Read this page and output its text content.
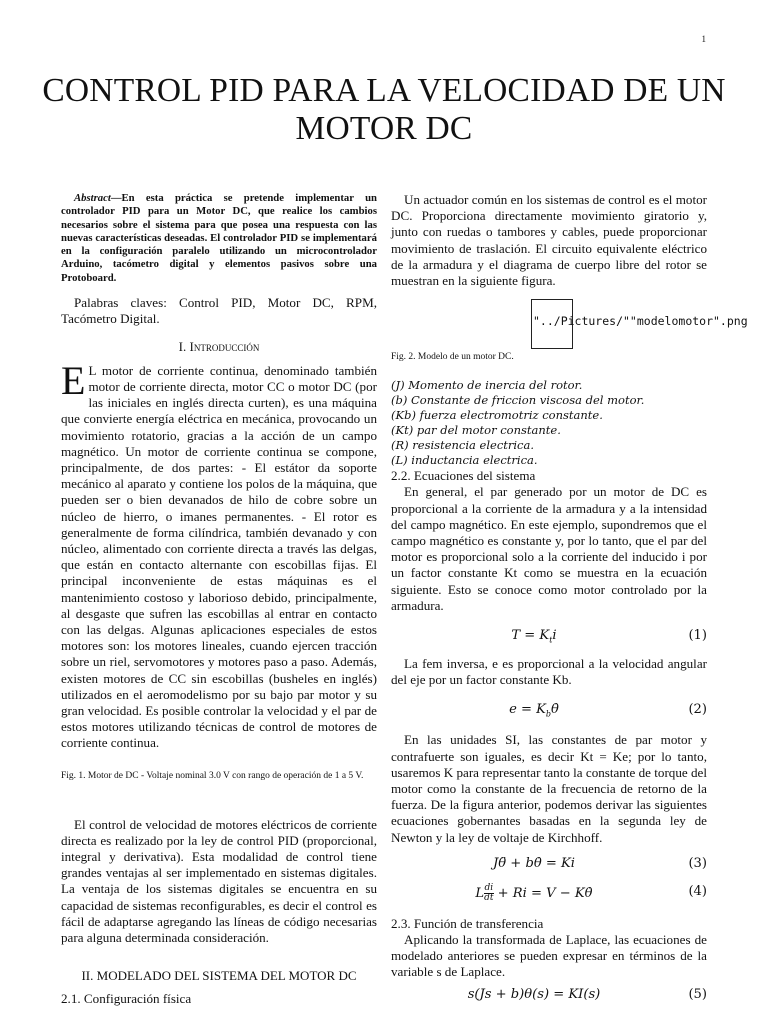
1
CONTROL PID PARA LA VELOCIDAD DE UN MOTOR DC

Abstract—En esta práctica se pretende implementar un controlador PID para un Motor DC, que realice los cambios necesarios sobre el sistema para que posea una respuesta con las nuevas características deseadas. El controlador PID se implementará en la configuración paralelo utilizando un microcontrolador Arduino, tacómetro digital y elementos pasivos sobre una Protoboard.

Palabras claves: Control PID, Motor DC, RPM, Tacómetro Digital.

I. Introducción

E L motor de corriente continua, denominado también motor de corriente directa, motor CC o motor DC (por las iniciales en inglés directa curten), es una máquina que convierte energía eléctrica en mecánica, provocando un movimiento rotatorio, gracias a la acción de un campo magnético. Un motor de corriente continua se compone, principalmente, de dos partes: - El estátor da soporte mecánico al aparato y contiene los polos de la máquina, que pueden ser o bien devanados de hilo de cobre sobre un núcleo de hierro, o imanes permanentes. - El rotor es generalmente de forma cilíndrica, también devanado y con núcleo, alimentado con corriente directa a través las delgas, que están en contacto alternante con escobillas fijas. El principal inconveniente de estas máquinas es el mantenimiento costoso y laborioso debido, principalmente, al desgaste que sufren las escobillas al entrar en contacto con las delgas. Algunas aplicaciones especiales de estos motores son: los motores lineales, cuando ejercen tracción sobre un riel, servomotores y motores paso a paso. Además, existen motores de CC sin escobillas (busheles en inglés) utilizados en el aeromodelismo por su bajo par motor y su gran velocidad. Es posible controlar la velocidad y el par de estos motores utilizando técnicas de control de motores de corriente continua.

Fig. 1. Motor de DC - Voltaje nominal 3.0 V con rango de operación de 1 a 5 V.

El control de velocidad de motores eléctricos de corriente directa es realizado por la ley de control PID (proporcional, integral y derivativa). Esta modalidad de control tiene grandes ventajas al ser implementado en sistemas digitales. La ventaja de los sistemas digitales se encuentra en su capacidad de sistemas reconfigurables, es decir el control es fácil de adaptarse agregando las líneas de código necesarias para alguna determinada consideración.

II. MODELADO DEL SISTEMA DEL MOTOR DC

2.1. Configuración física

Un actuador común en los sistemas de control es el motor DC. Proporciona directamente movimiento giratorio y, junto con ruedas o tambores y cables, puede proporcionar movimiento de traslación. El circuito equivalente eléctrico de la armadura y el diagrama de cuerpo libre del rotor se muestran en la siguiente figura.

"../Pictures/""modelomotor".png

Fig. 2. Modelo de un motor DC.

(J) Momento de inercia del rotor.
(b) Constante de friccion viscosa del motor.
(Kb) fuerza electromotriz constante.
(Kt) par del motor constante.
(R) resistencia electrica.
(L) inductancia electrica.

2.2. Ecuaciones del sistema

En general, el par generado por un motor de DC es proporcional a la corriente de la armadura y a la intensidad del campo magnético. En este ejemplo, supondremos que el campo magnético es constante y, por lo tanto, que el par del motor es proporcional solo a la corriente del inducido i por un factor constante Kt como se muestra en la ecuación siguiente. Esto se conoce como motor controlado por la armadura.

$T = K_ti$	(1)

La fem inversa, e es proporcional a la velocidad angular del eje por un factor constante Kb.

$e = K_b\thetȧ$	(2)

En las unidades SI, las constantes de par motor y contrafuerte son iguales, es decir Kt = Ke; por lo tanto, usaremos K para representar tanto la constante de torque del motor como la constante de la frecuencia de retorno de la fuerza. De la figura anterior, podemos derivar las siguientes ecuaciones gobernantes basadas en la segunda ley de Newton y la ley de voltaje de Kirchhoff.

Jθ̈ + bθ̇ = Ki	(3)
L $\frac{di}{dt} + Ri = V$ − Kθ̇	(4)

2.3. Función de transferencia

Aplicando la transformada de Laplace, las ecuaciones de modelado anteriores se pueden expresar en términos de la variable s de Laplace.

s(Js + b)θ(s) = KI(s)	(5)
